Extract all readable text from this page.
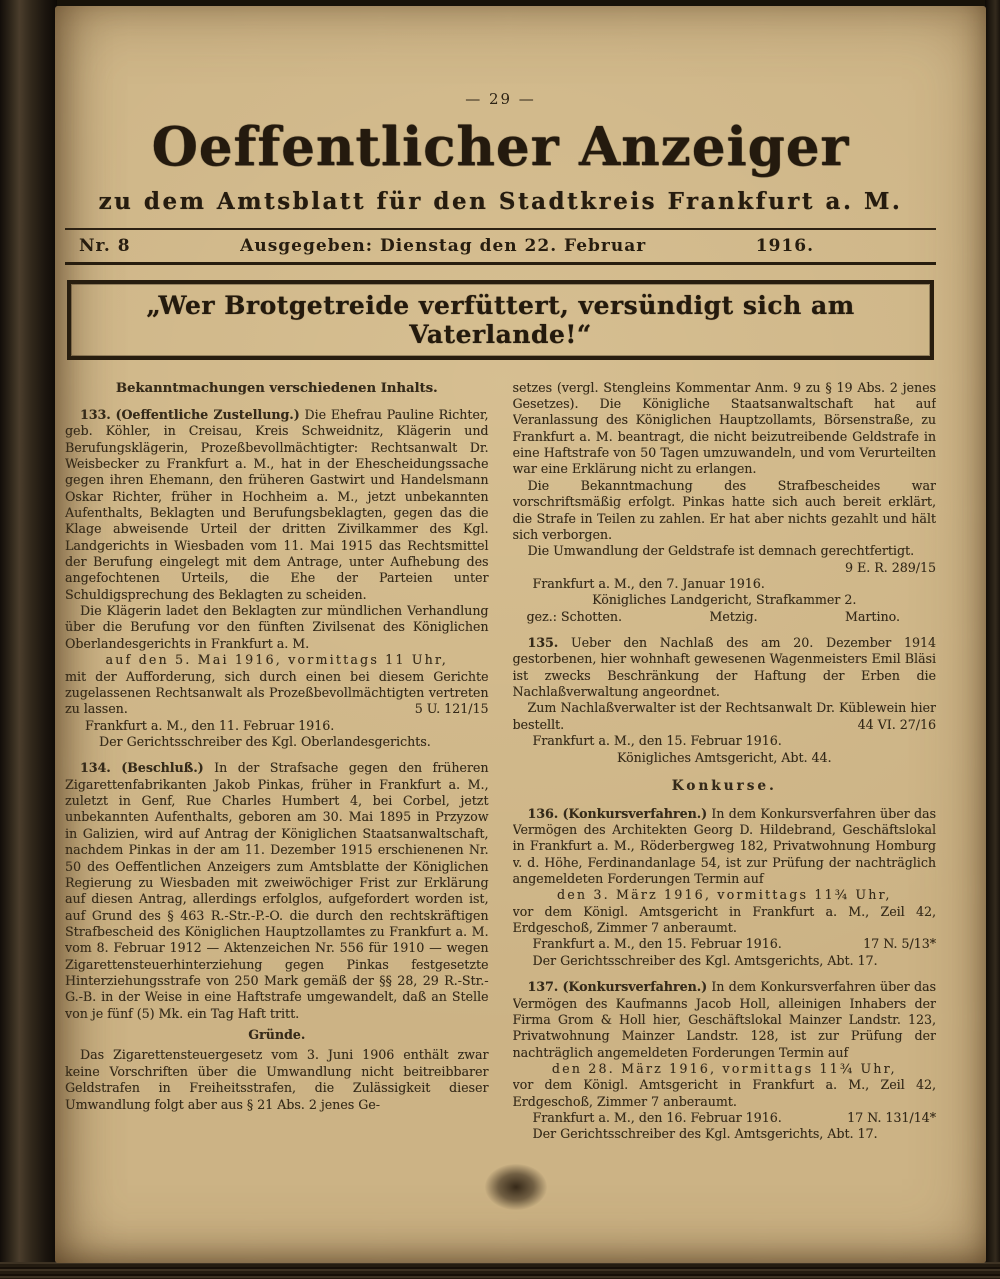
— 29 —
Oeffentlicher Anzeiger
zu dem Amtsblatt für den Stadtkreis Frankfurt a. M.
Nr. 8	Ausgegeben: Dienstag den 22. Februar	1916.
„Wer Brotgetreide verfüttert, versündigt sich am Vaterlande!“
Bekanntmachungen verschiedenen Inhalts.

133. (Oeffentliche Zustellung.) Die Ehefrau Pauline Richter, geb. Köhler, in Creisau, Kreis Schweidnitz, Klägerin und Berufungsklägerin, Prozeßbevollmächtigter: Rechtsanwalt Dr. Weisbecker zu Frankfurt a. M., hat in der Ehescheidungssache gegen ihren Ehemann, den früheren Gastwirt und Handelsmann Oskar Richter, früher in Hochheim a. M., jetzt unbekannten Aufenthalts, Beklagten und Berufungsbeklagten, gegen das die Klage abweisende Urteil der dritten Zivilkammer des Kgl. Landgerichts in Wiesbaden vom 11. Mai 1915 das Rechtsmittel der Berufung eingelegt mit dem Antrage, unter Aufhebung des angefochtenen Urteils, die Ehe der Parteien unter Schuldigsprechung des Beklagten zu scheiden.

Die Klägerin ladet den Beklagten zur mündlichen Verhandlung über die Berufung vor den fünften Zivilsenat des Königlichen Oberlandesgerichts in Frankfurt a. M.

auf den 5. Mai 1916, vormittags 11 Uhr,

mit der Aufforderung, sich durch einen bei diesem Gerichte zugelassenen Rechtsanwalt als Prozeßbevollmächtigten vertreten zu lassen.	5 U. 121/15

Frankfurt a. M., den 11. Februar 1916.

Der Gerichtsschreiber des Kgl. Oberlandesgerichts.

134. (Beschluß.) In der Strafsache gegen den früheren Zigarettenfabrikanten Jakob Pinkas, früher in Frankfurt a. M., zuletzt in Genf, Rue Charles Humbert 4, bei Corbel, jetzt unbekannten Aufenthalts, geboren am 30. Mai 1895 in Przyzow in Galizien, wird auf Antrag der Königlichen Staatsanwaltschaft, nachdem Pinkas in der am 11. Dezember 1915 erschienenen Nr. 50 des Oeffentlichen Anzeigers zum Amtsblatte der Königlichen Regierung zu Wiesbaden mit zweiwöchiger Frist zur Erklärung auf diesen Antrag, allerdings erfolglos, aufgefordert worden ist, auf Grund des § 463 R.-Str.-P.-O. die durch den rechtskräftigen Strafbescheid des Königlichen Hauptzollamtes zu Frankfurt a. M. vom 8. Februar 1912 — Aktenzeichen Nr. 556 für 1910 — wegen Zigarettensteuerhinterziehung gegen Pinkas festgesetzte Hinterziehungsstrafe von 250 Mark gemäß der §§ 28, 29 R.-Str.-G.-B. in der Weise in eine Haftstrafe umgewandelt, daß an Stelle von je fünf (5) Mk. ein Tag Haft tritt.

Gründe.

Das Zigarettensteuergesetz vom 3. Juni 1906 enthält zwar keine Vorschriften über die Umwandlung nicht beitreibbarer Geldstrafen in Freiheitsstrafen, die Zulässigkeit dieser Umwandlung folgt aber aus § 21 Abs. 2 jenes Ge-

setzes (vergl. Stengleins Kommentar Anm. 9 zu § 19 Abs. 2 jenes Gesetzes). Die Königliche Staatsanwaltschaft hat auf Veranlassung des Königlichen Hauptzollamts, Börsenstraße, zu Frankfurt a. M. beantragt, die nicht beizutreibende Geldstrafe in eine Haftstrafe von 50 Tagen umzuwandeln, und vom Verurteilten war eine Erklärung nicht zu erlangen.

Die Bekanntmachung des Strafbescheides war vorschriftsmäßig erfolgt. Pinkas hatte sich auch bereit erklärt, die Strafe in Teilen zu zahlen. Er hat aber nichts gezahlt und hält sich verborgen.

Die Umwandlung der Geldstrafe ist demnach gerechtfertigt.
9 E. R. 289/15

Frankfurt a. M., den 7. Januar 1916.

Königliches Landgericht, Strafkammer 2.

gez.: Schotten.	Metzig.	Martino.

135. Ueber den Nachlaß des am 20. Dezember 1914 gestorbenen, hier wohnhaft gewesenen Wagenmeisters Emil Bläsi ist zwecks Beschränkung der Haftung der Erben die Nachlaßverwaltung angeordnet.

Zum Nachlaßverwalter ist der Rechtsanwalt Dr. Küblewein hier bestellt.	44 VI. 27/16

Frankfurt a. M., den 15. Februar 1916.

Königliches Amtsgericht, Abt. 44.

Konkurse.

136. (Konkursverfahren.) In dem Konkursverfahren über das Vermögen des Architekten Georg D. Hildebrand, Geschäftslokal in Frankfurt a. M., Röderbergweg 182, Privatwohnung Homburg v. d. Höhe, Ferdinandanlage 54, ist zur Prüfung der nachträglich angemeldeten Forderungen Termin auf

den 3. März 1916, vormittags 11¾ Uhr,

vor dem Königl. Amtsgericht in Frankfurt a. M., Zeil 42, Erdgeschoß, Zimmer 7 anberaumt.

Frankfurt a. M., den 15. Februar 1916.	17 N. 5/13*

Der Gerichtsschreiber des Kgl. Amtsgerichts, Abt. 17.

137. (Konkursverfahren.) In dem Konkursverfahren über das Vermögen des Kaufmanns Jacob Holl, alleinigen Inhabers der Firma Grom & Holl hier, Geschäftslokal Mainzer Landstr. 123, Privatwohnung Mainzer Landstr. 128, ist zur Prüfung der nachträglich angemeldeten Forderungen Termin auf

den 28. März 1916, vormittags 11¾ Uhr,

vor dem Königl. Amtsgericht in Frankfurt a. M., Zeil 42, Erdgeschoß, Zimmer 7 anberaumt.

Frankfurt a. M., den 16. Februar 1916.	17 N. 131/14*

Der Gerichtsschreiber des Kgl. Amtsgerichts, Abt. 17.
